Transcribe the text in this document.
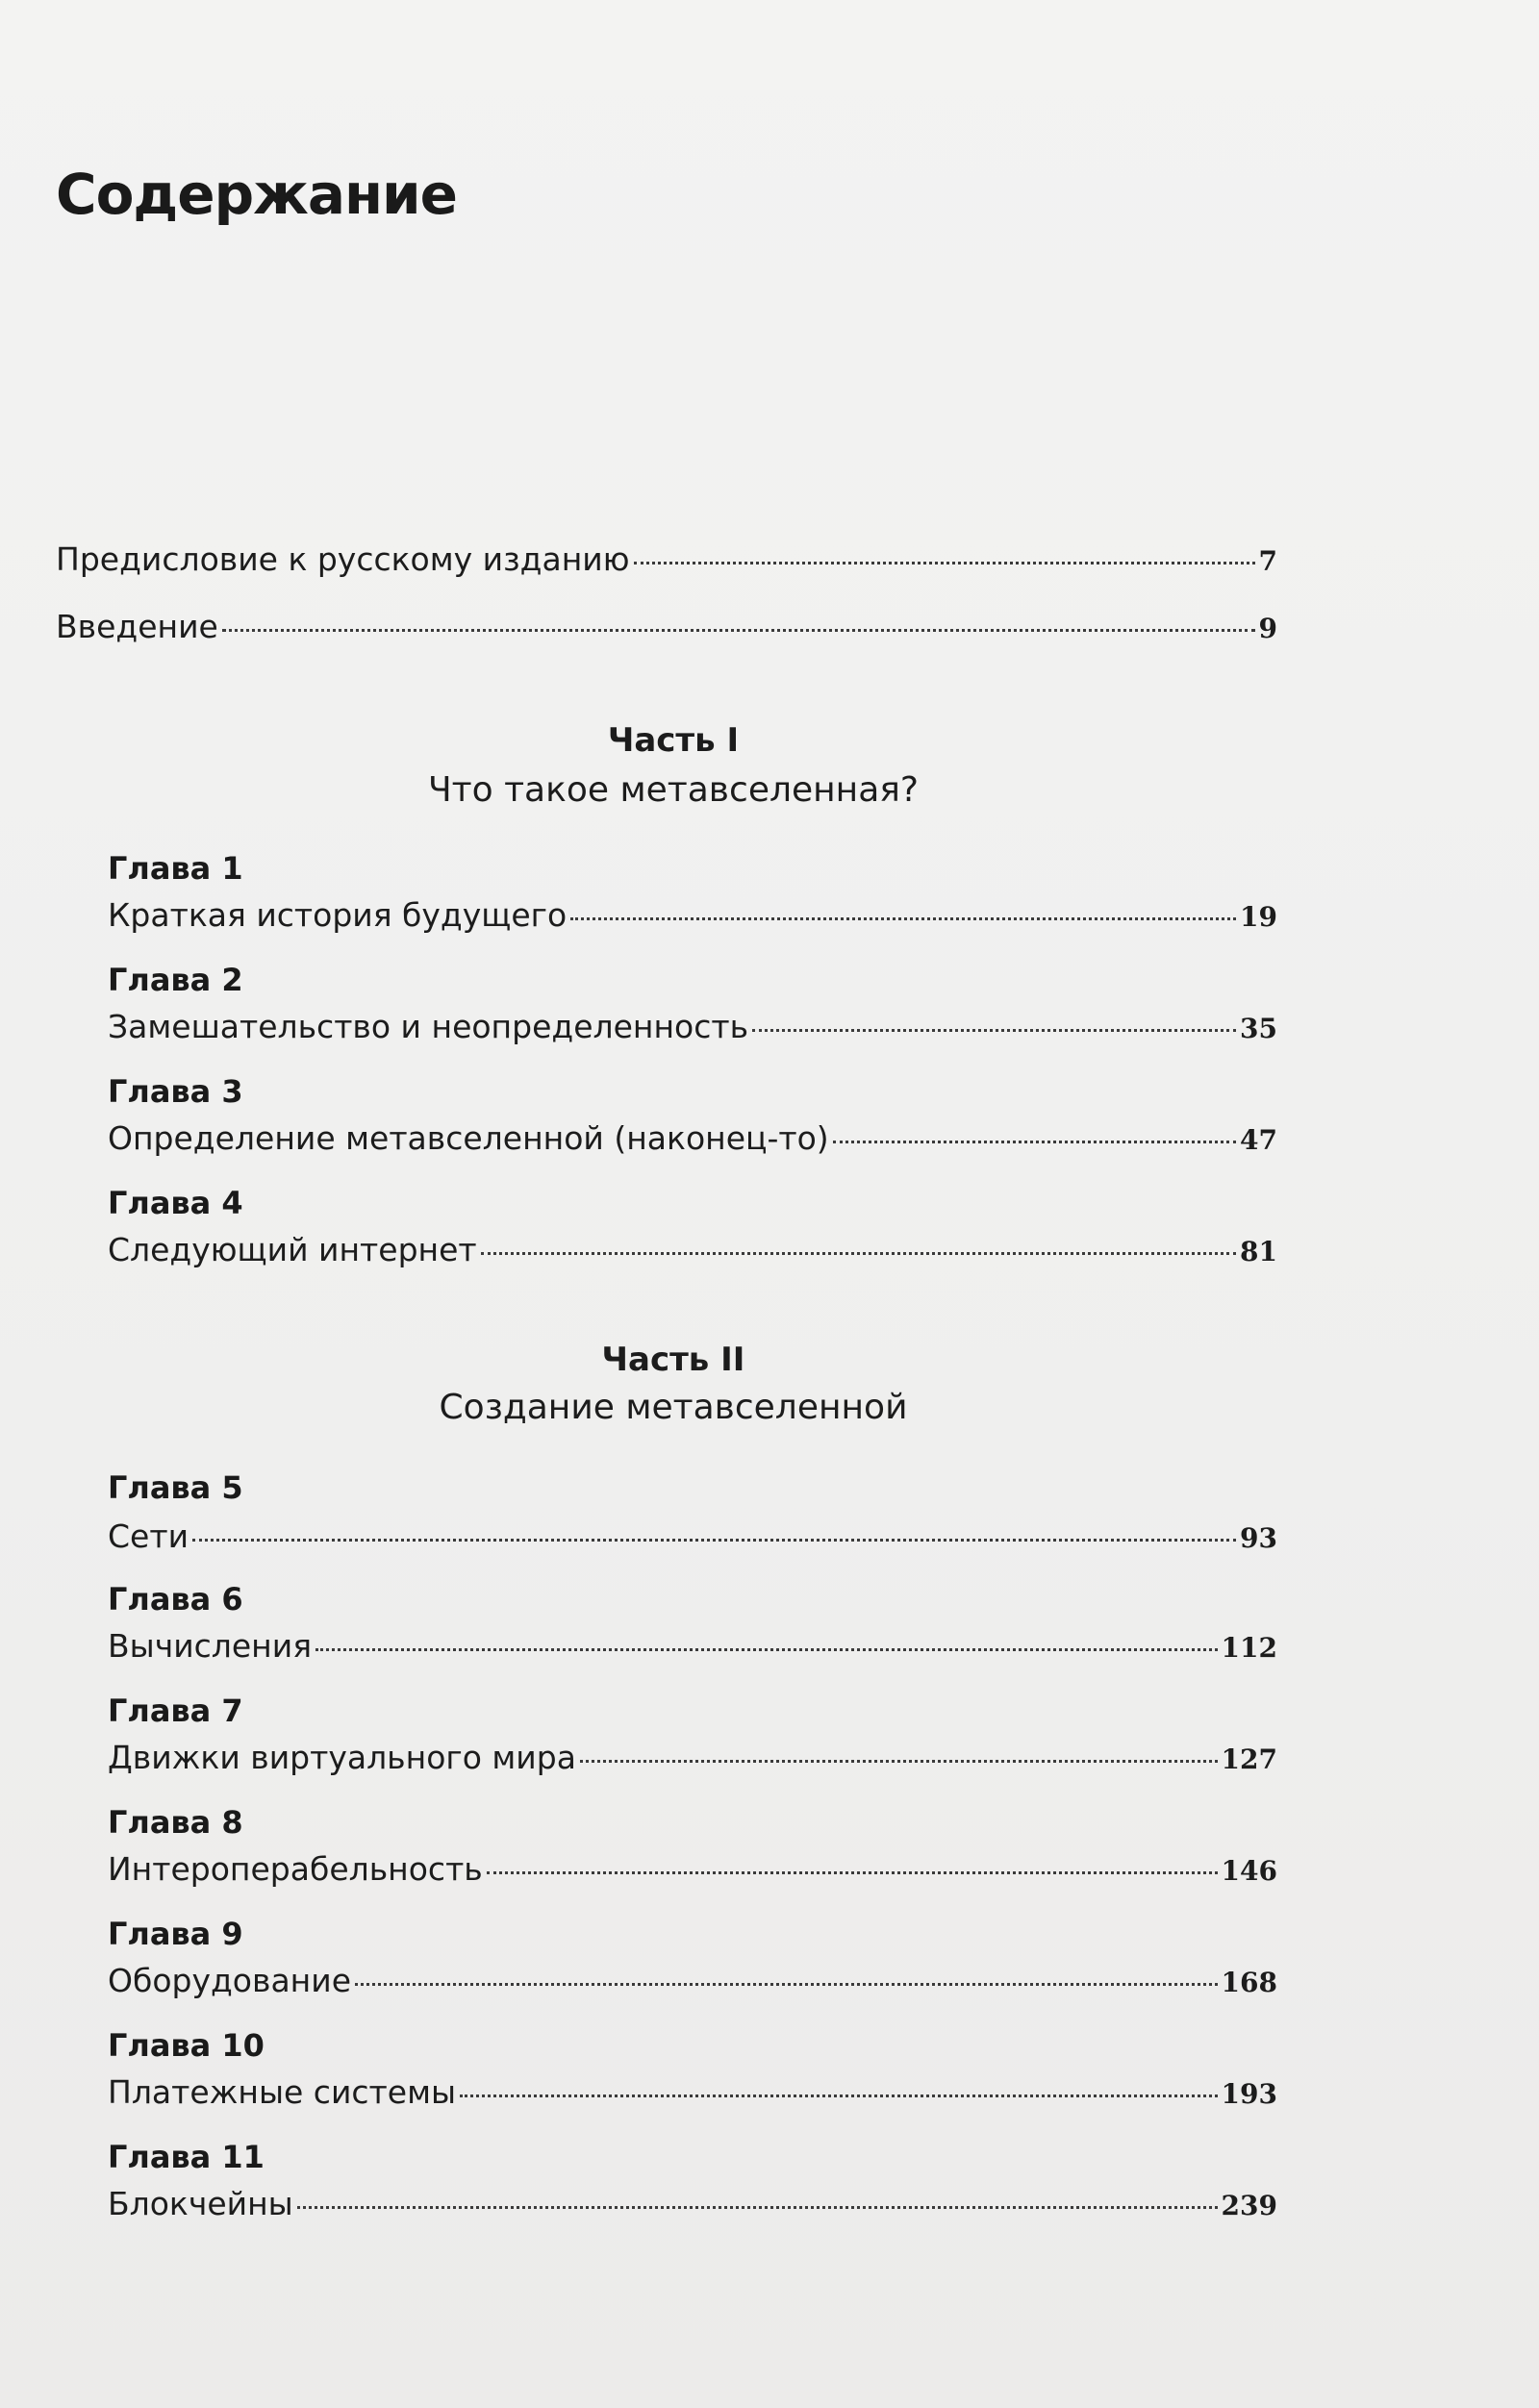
Содержание
Предисловие к русскому изданию	7
Введение	9
Часть I
Что такое метавселенная?
Глава 1
Краткая история будущего	19
Глава 2
Замешательство и неопределенность	35
Глава 3
Определение метавселенной (наконец-то)	47
Глава 4
Следующий интернет	81
Часть II
Создание метавселенной
Глава 5
Сети	93
Глава 6
Вычисления	112
Глава 7
Движки виртуального мира	127
Глава 8
Интероперабельность	146
Глава 9
Оборудование	168
Глава 10
Платежные системы	193
Глава 11
Блокчейны	239
